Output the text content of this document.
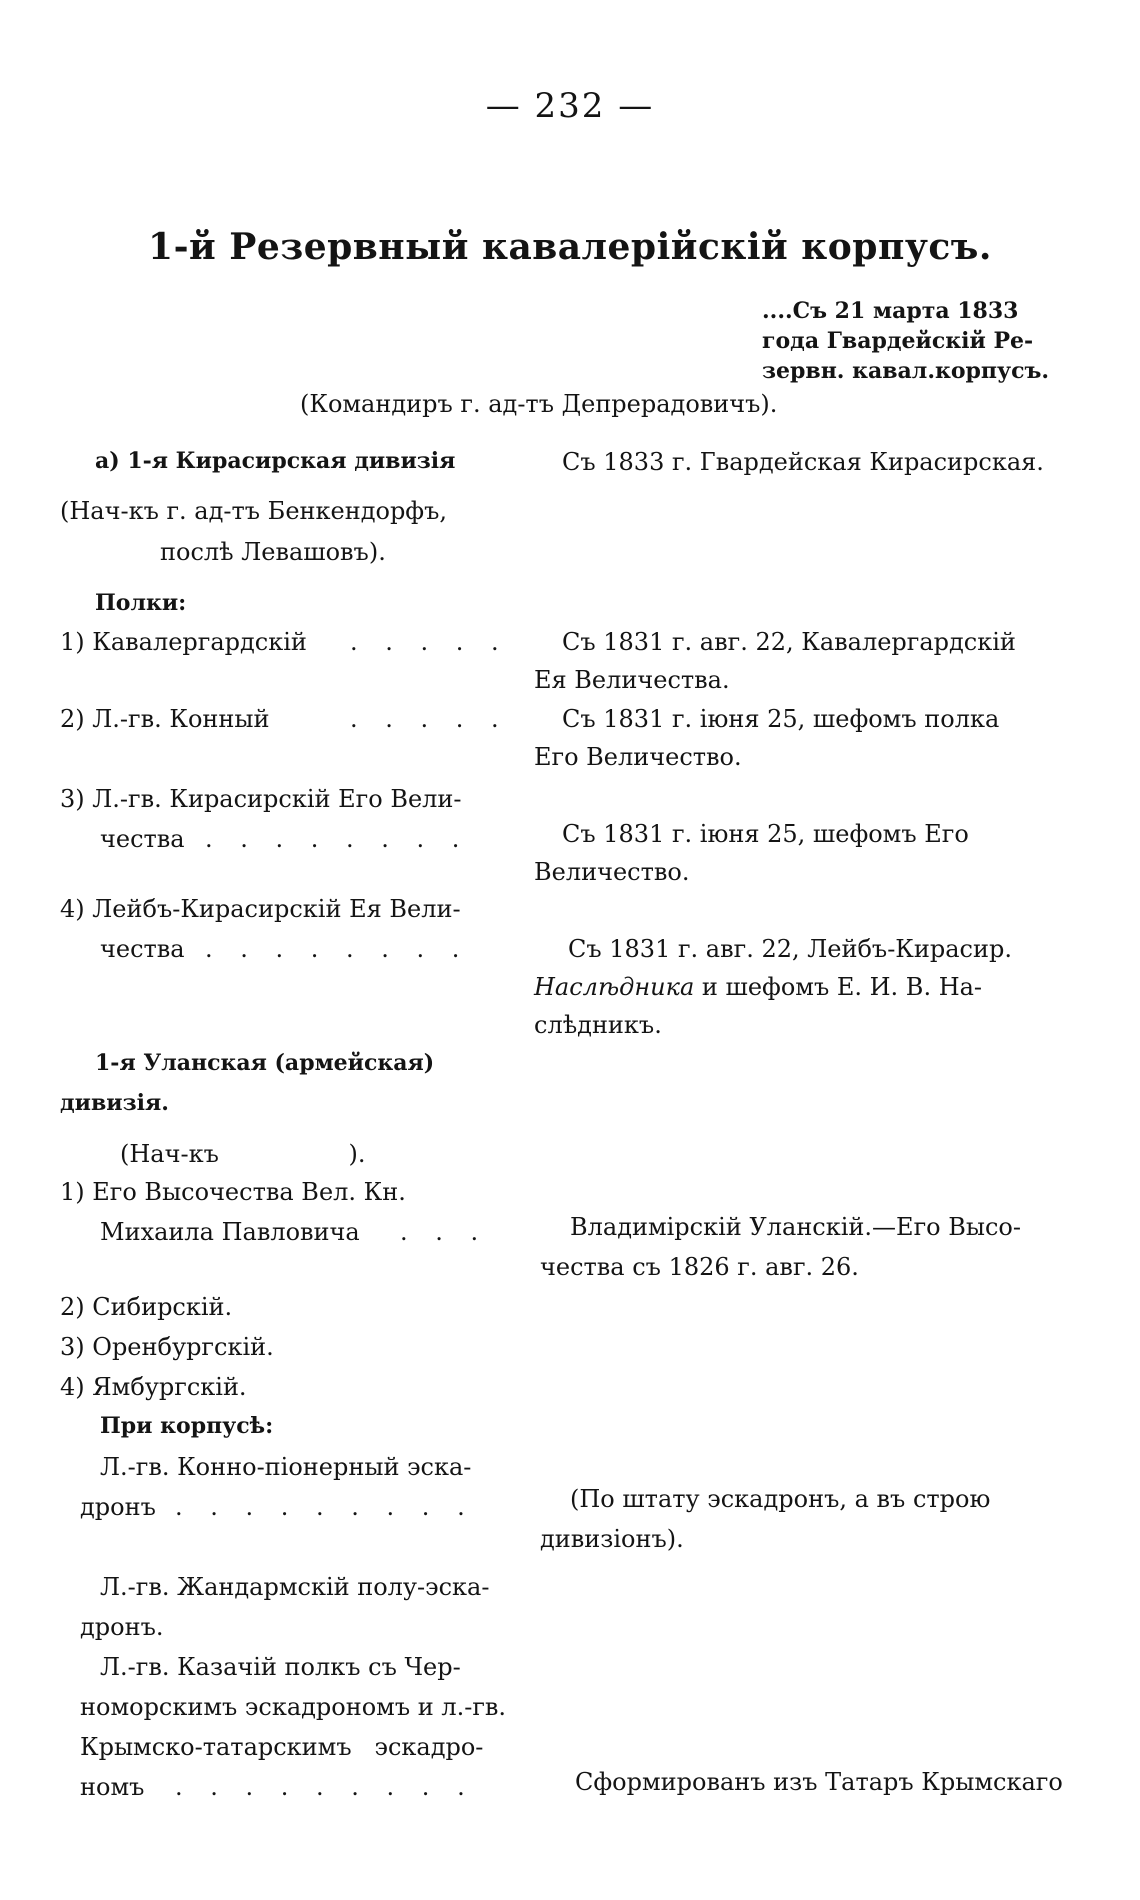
— 232 —
1-й Резервный кавалерійскій корпусъ.
....Съ 21 марта 1833
года Гвардейскій Ре-
зервн. кавал.корпусъ.
(Командиръ г. ад-тъ Депрерадовичъ).
а) 1-я Кирасирская дивизія
(Нач-къ г. ад-тъ Бенкендорфъ,
послѣ Левашовъ).
Полки:
1) Кавалергардскій . . . . .
2) Л.-гв. Конный	. . . . .
3) Л.-гв. Кирасирскій Его Вели-
чества . . . . . . . .
4) Лейбъ-Кирасирскій Ея Вели-
чества . . . . . . . .
1-я Уланская (армейская)
дивизія.
(Нач-къ                 ).
1) Его Высочества Вел. Кн.
Михаила Павловича . . .
2) Сибирскій.
3) Оренбургскій.
4) Ямбургскій.
При корпусѣ:
Л.-гв. Конно-піонерный эска-
дронъ . . . . . . . . .
Л.-гв. Жандармскій полу-эска-
дронъ.
Л.-гв. Казачій полкъ съ Чер-
номорскимъ эскадрономъ и л.-гв.
Крымско-татарскимъ   эскадро-
номъ . . . . . . . . .
Съ 1833 г. Гвардейская Кирасирская.
Съ 1831 г. авг. 22, Кавалергардскій
Ея Величества.
Съ 1831 г. іюня 25, шефомъ полка
Его Величество.
Съ 1831 г. іюня 25, шефомъ Его
Величество.
Съ 1831 г. авг. 22, Лейбъ-Кирасир.
Наслѣдника и шефомъ Е. И. В. На-
слѣдникъ.
Владимірскій Уланскій.—Его Высо-
чества съ 1826 г. авг. 26.
(По штату эскадронъ, а въ строю
дивизіонъ).
Сформированъ изъ Татаръ Крымскаго
